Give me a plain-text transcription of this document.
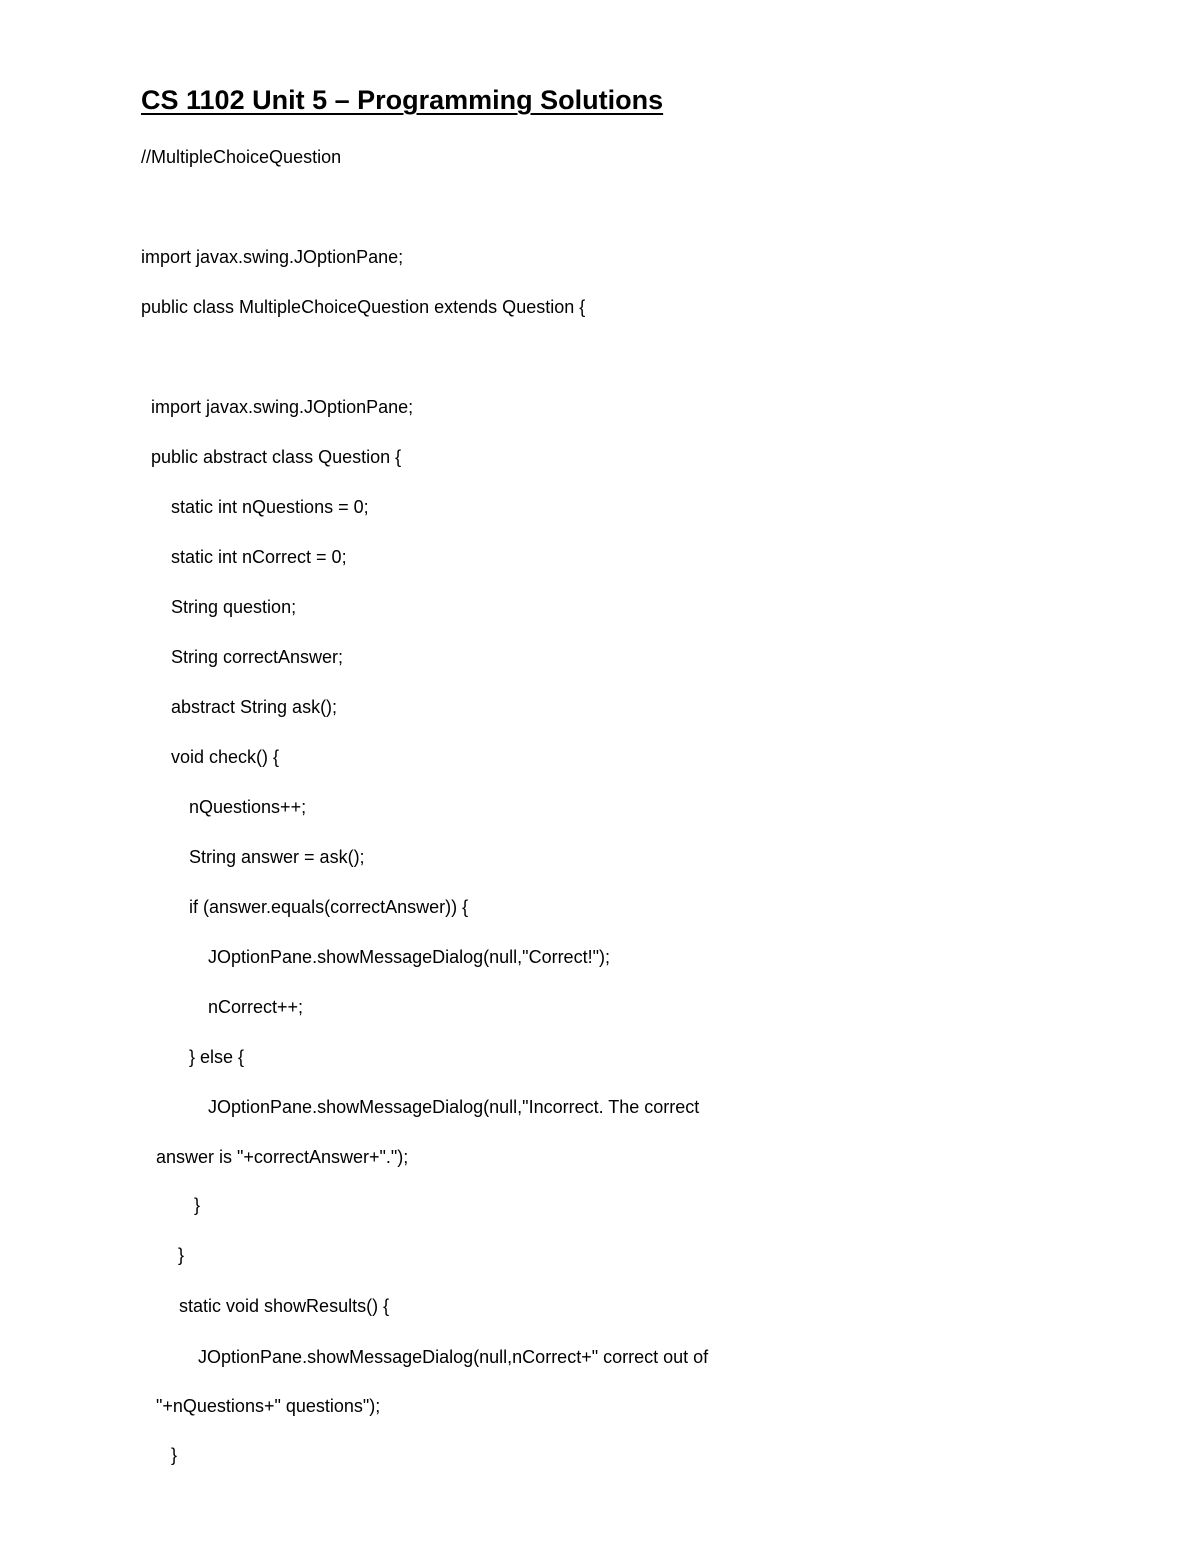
CS 1102 Unit 5 – Programming Solutions

//MultipleChoiceQuestion

import javax.swing.JOptionPane;

public class MultipleChoiceQuestion extends Question {

import javax.swing.JOptionPane;

public abstract class Question {

static int nQuestions = 0;

static int nCorrect = 0;

String question;

String correctAnswer;

abstract String ask();

void check() {

nQuestions++;

String answer = ask();

if (answer.equals(correctAnswer)) {

JOptionPane.showMessageDialog(null,"Correct!");

nCorrect++;

} else {

JOptionPane.showMessageDialog(null,"Incorrect. The correct

answer is "+correctAnswer+".");

}

}

static void showResults() {

JOptionPane.showMessageDialog(null,nCorrect+" correct out of

"+nQuestions+" questions");

}
